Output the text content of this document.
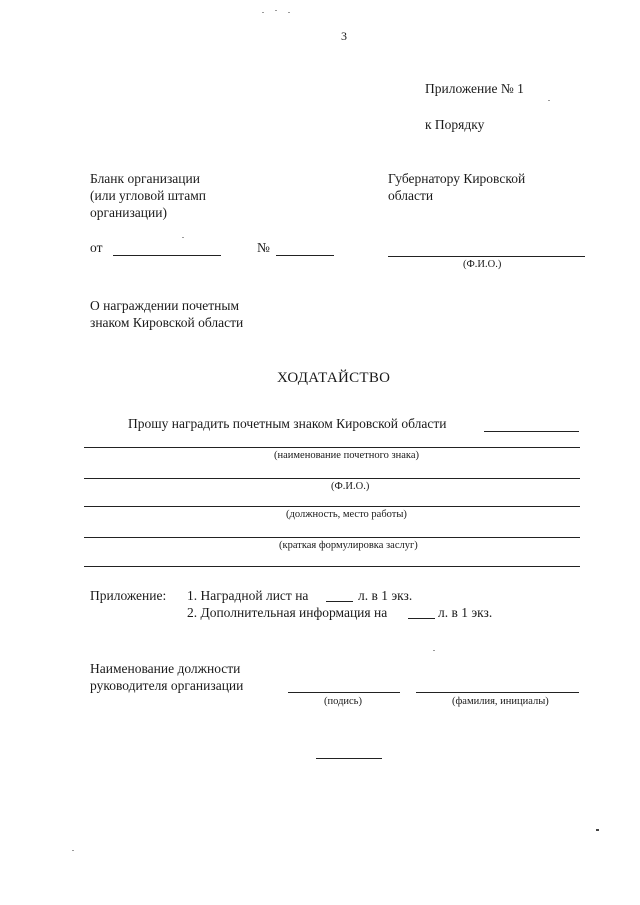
3
Приложение № 1
к Порядку
Бланк организации
(или угловой штамп
организации)
Губернатору Кировской
области
(Ф.И.О.)
от	№
О награждении почетным
знаком Кировской области
ХОДАТАЙСТВО
Прошу наградить почетным знаком Кировской области
(наименование почетного знака)
(Ф.И.О.)
(должность, место работы)
(краткая формулировка заслуг)
Приложение: 1. Наградной лист на	л. в 1 экз.
2. Дополнительная информация на	л. в 1 экз.
Наименование должности
руководителя организации
(подись)	(фамилия, инициалы)
